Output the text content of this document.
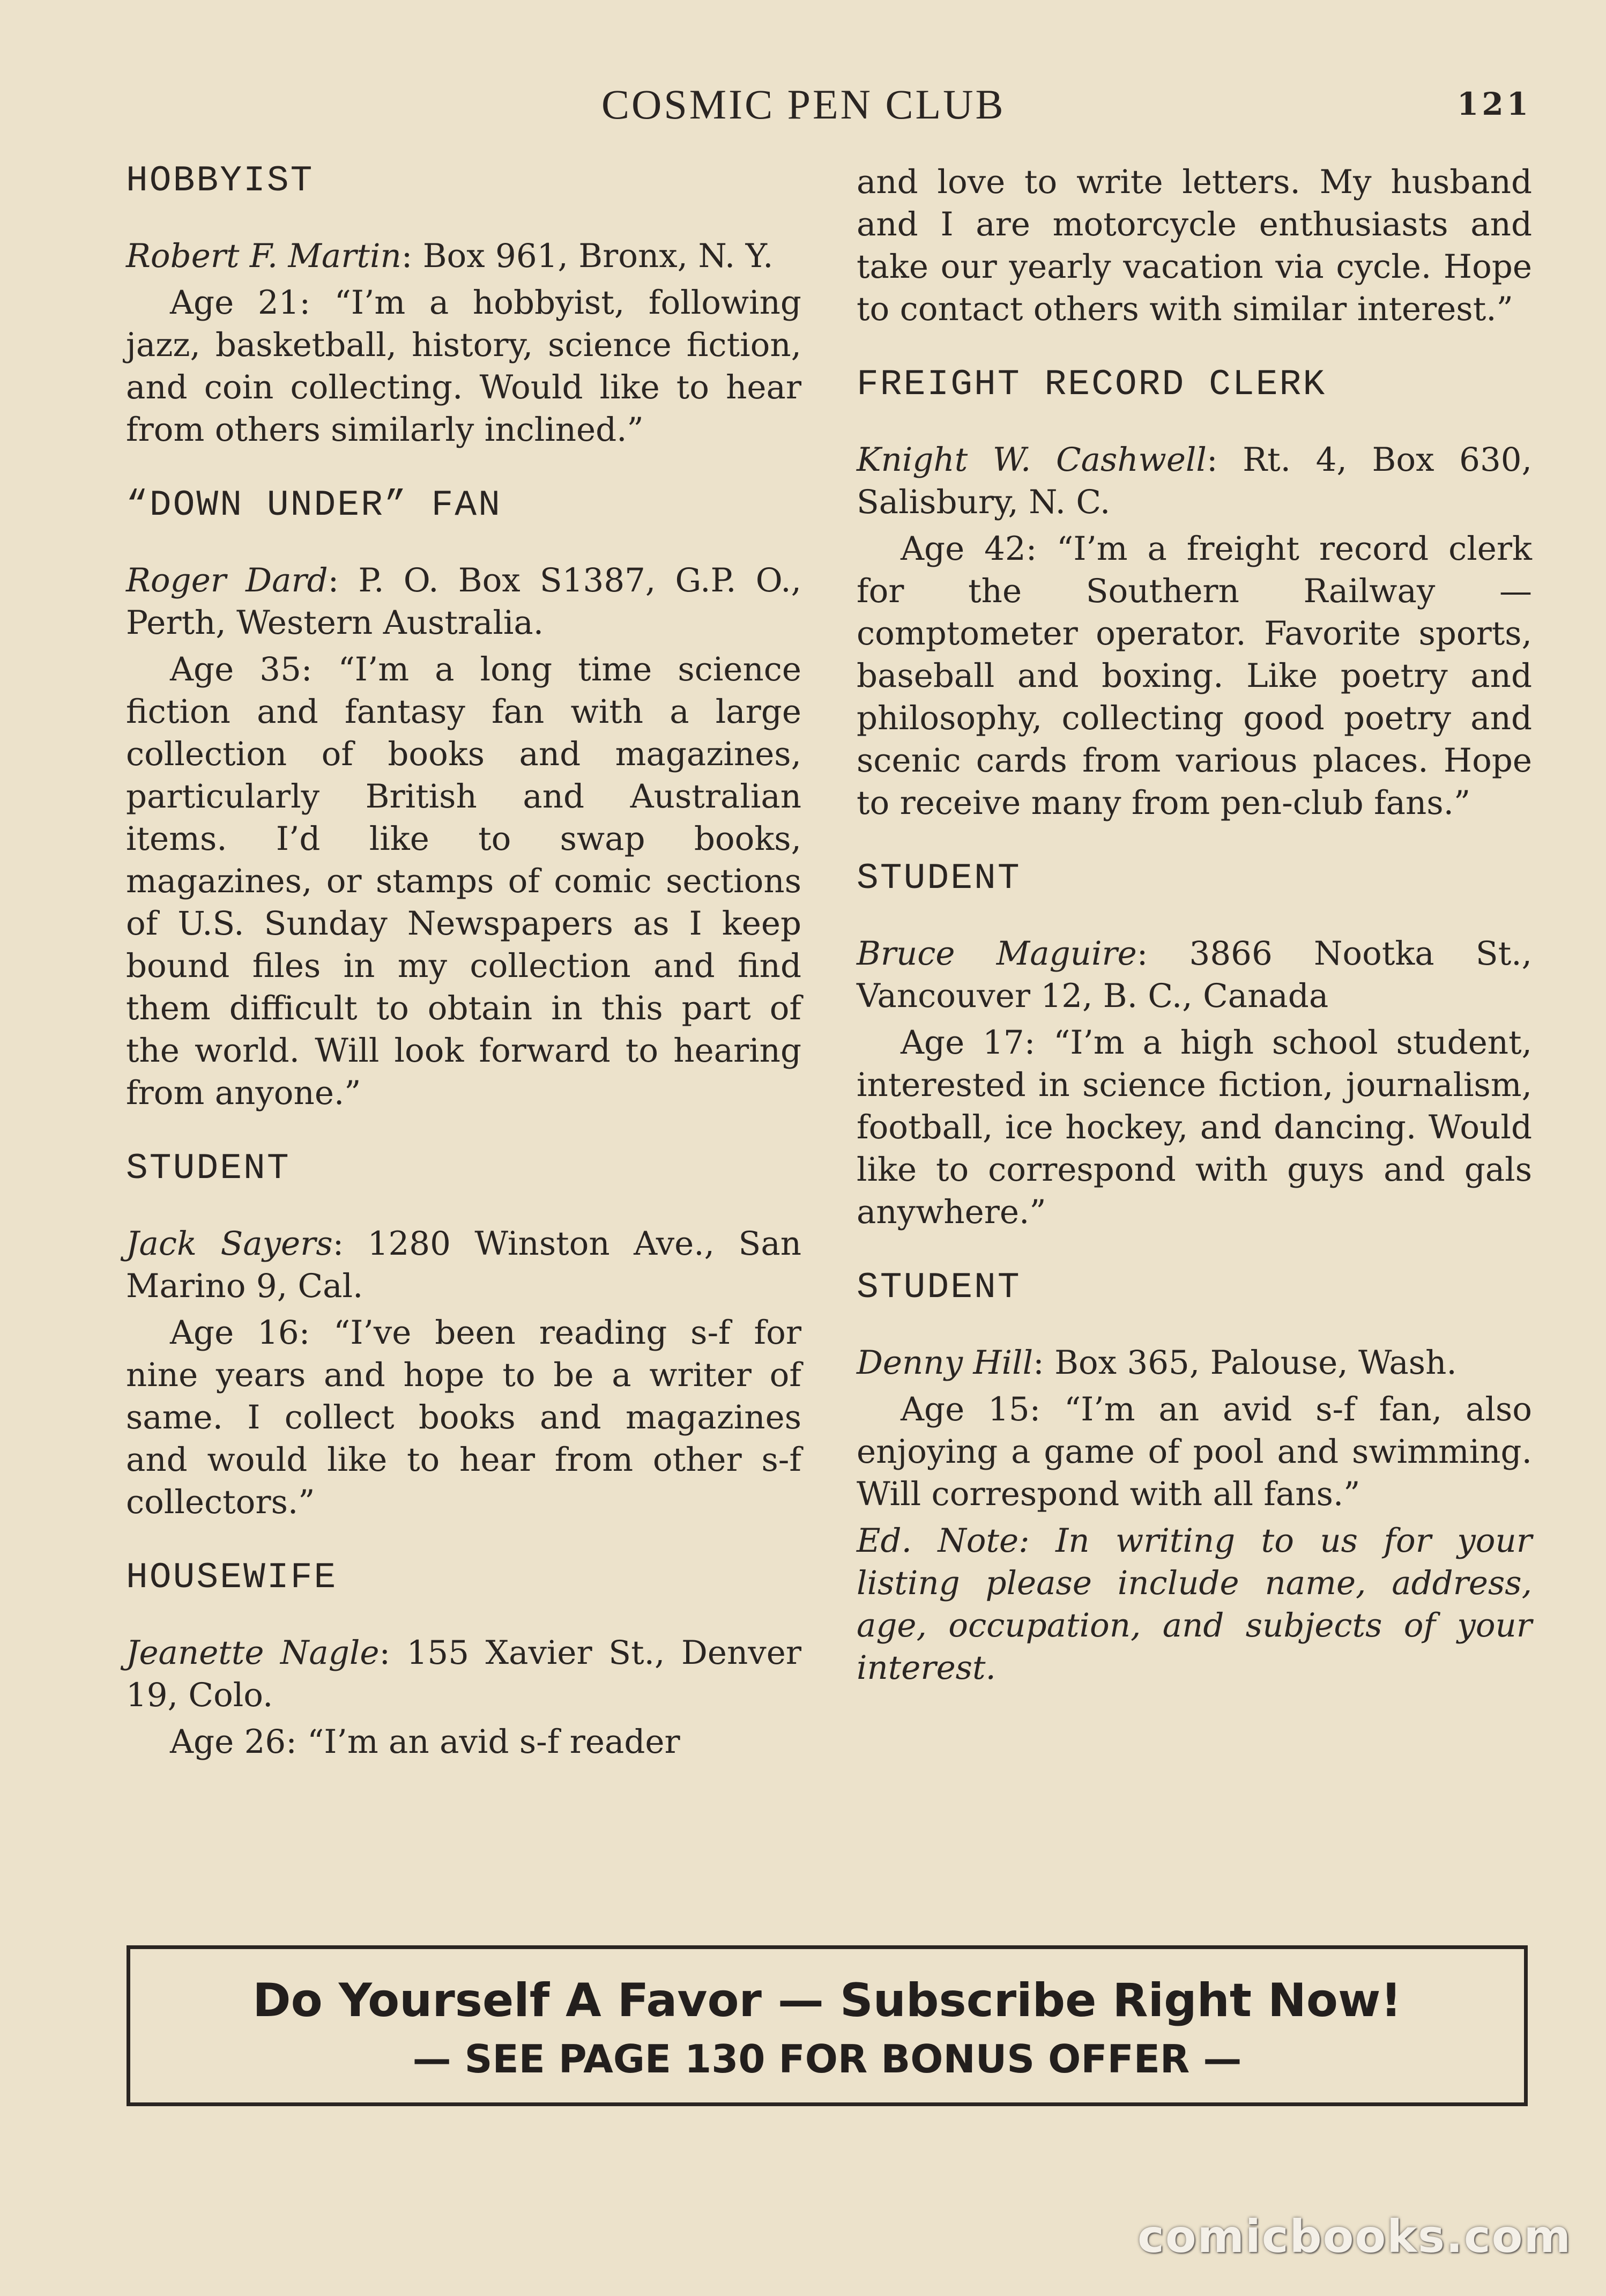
COSMIC PEN CLUB	121

HOBBYIST

Robert F. Martin: Box 961, Bronx, N. Y.

Age 21: “I’m a hobbyist, following jazz, basketball, history, science fiction, and coin collecting. Would like to hear from others similarly inclined.”

“DOWN UNDER” FAN

Roger Dard: P. O. Box S1387, G.P. O., Perth, Western Australia.

Age 35: “I’m a long time science fiction and fantasy fan with a large collection of books and magazines, particularly British and Australian items. I’d like to swap books, magazines, or stamps of comic sections of U.S. Sunday Newspapers as I keep bound files in my collection and find them difficult to obtain in this part of the world. Will look forward to hearing from anyone.”

STUDENT

Jack Sayers: 1280 Winston Ave., San Marino 9, Cal.

Age 16: “I’ve been reading s-f for nine years and hope to be a writer of same. I collect books and magazines and would like to hear from other s-f collectors.”

HOUSEWIFE

Jeanette Nagle: 155 Xavier St., Denver 19, Colo.

Age 26: “I’m an avid s-f reader

and love to write letters. My husband and I are motorcycle enthusiasts and take our yearly vacation via cycle. Hope to contact others with similar interest.”

FREIGHT RECORD CLERK

Knight W. Cashwell: Rt. 4, Box 630, Salisbury, N. C.

Age 42: “I’m a freight record clerk for the Southern Railway — comptometer operator. Favorite sports, baseball and boxing. Like poetry and philosophy, collecting good poetry and scenic cards from various places. Hope to receive many from pen-club fans.”

STUDENT

Bruce Maguire: 3866 Nootka St., Vancouver 12, B. C., Canada

Age 17: “I’m a high school student, interested in science fiction, journalism, football, ice hockey, and dancing. Would like to correspond with guys and gals anywhere.”

STUDENT

Denny Hill: Box 365, Palouse, Wash.

Age 15: “I’m an avid s-f fan, also enjoying a game of pool and swimming. Will correspond with all fans.”

Ed. Note: In writing to us for your listing please include name, address, age, occupation, and subjects of your interest.

Do Yourself A Favor — Subscribe Right Now!
— SEE PAGE 130 FOR BONUS OFFER —
comicbooks.com
